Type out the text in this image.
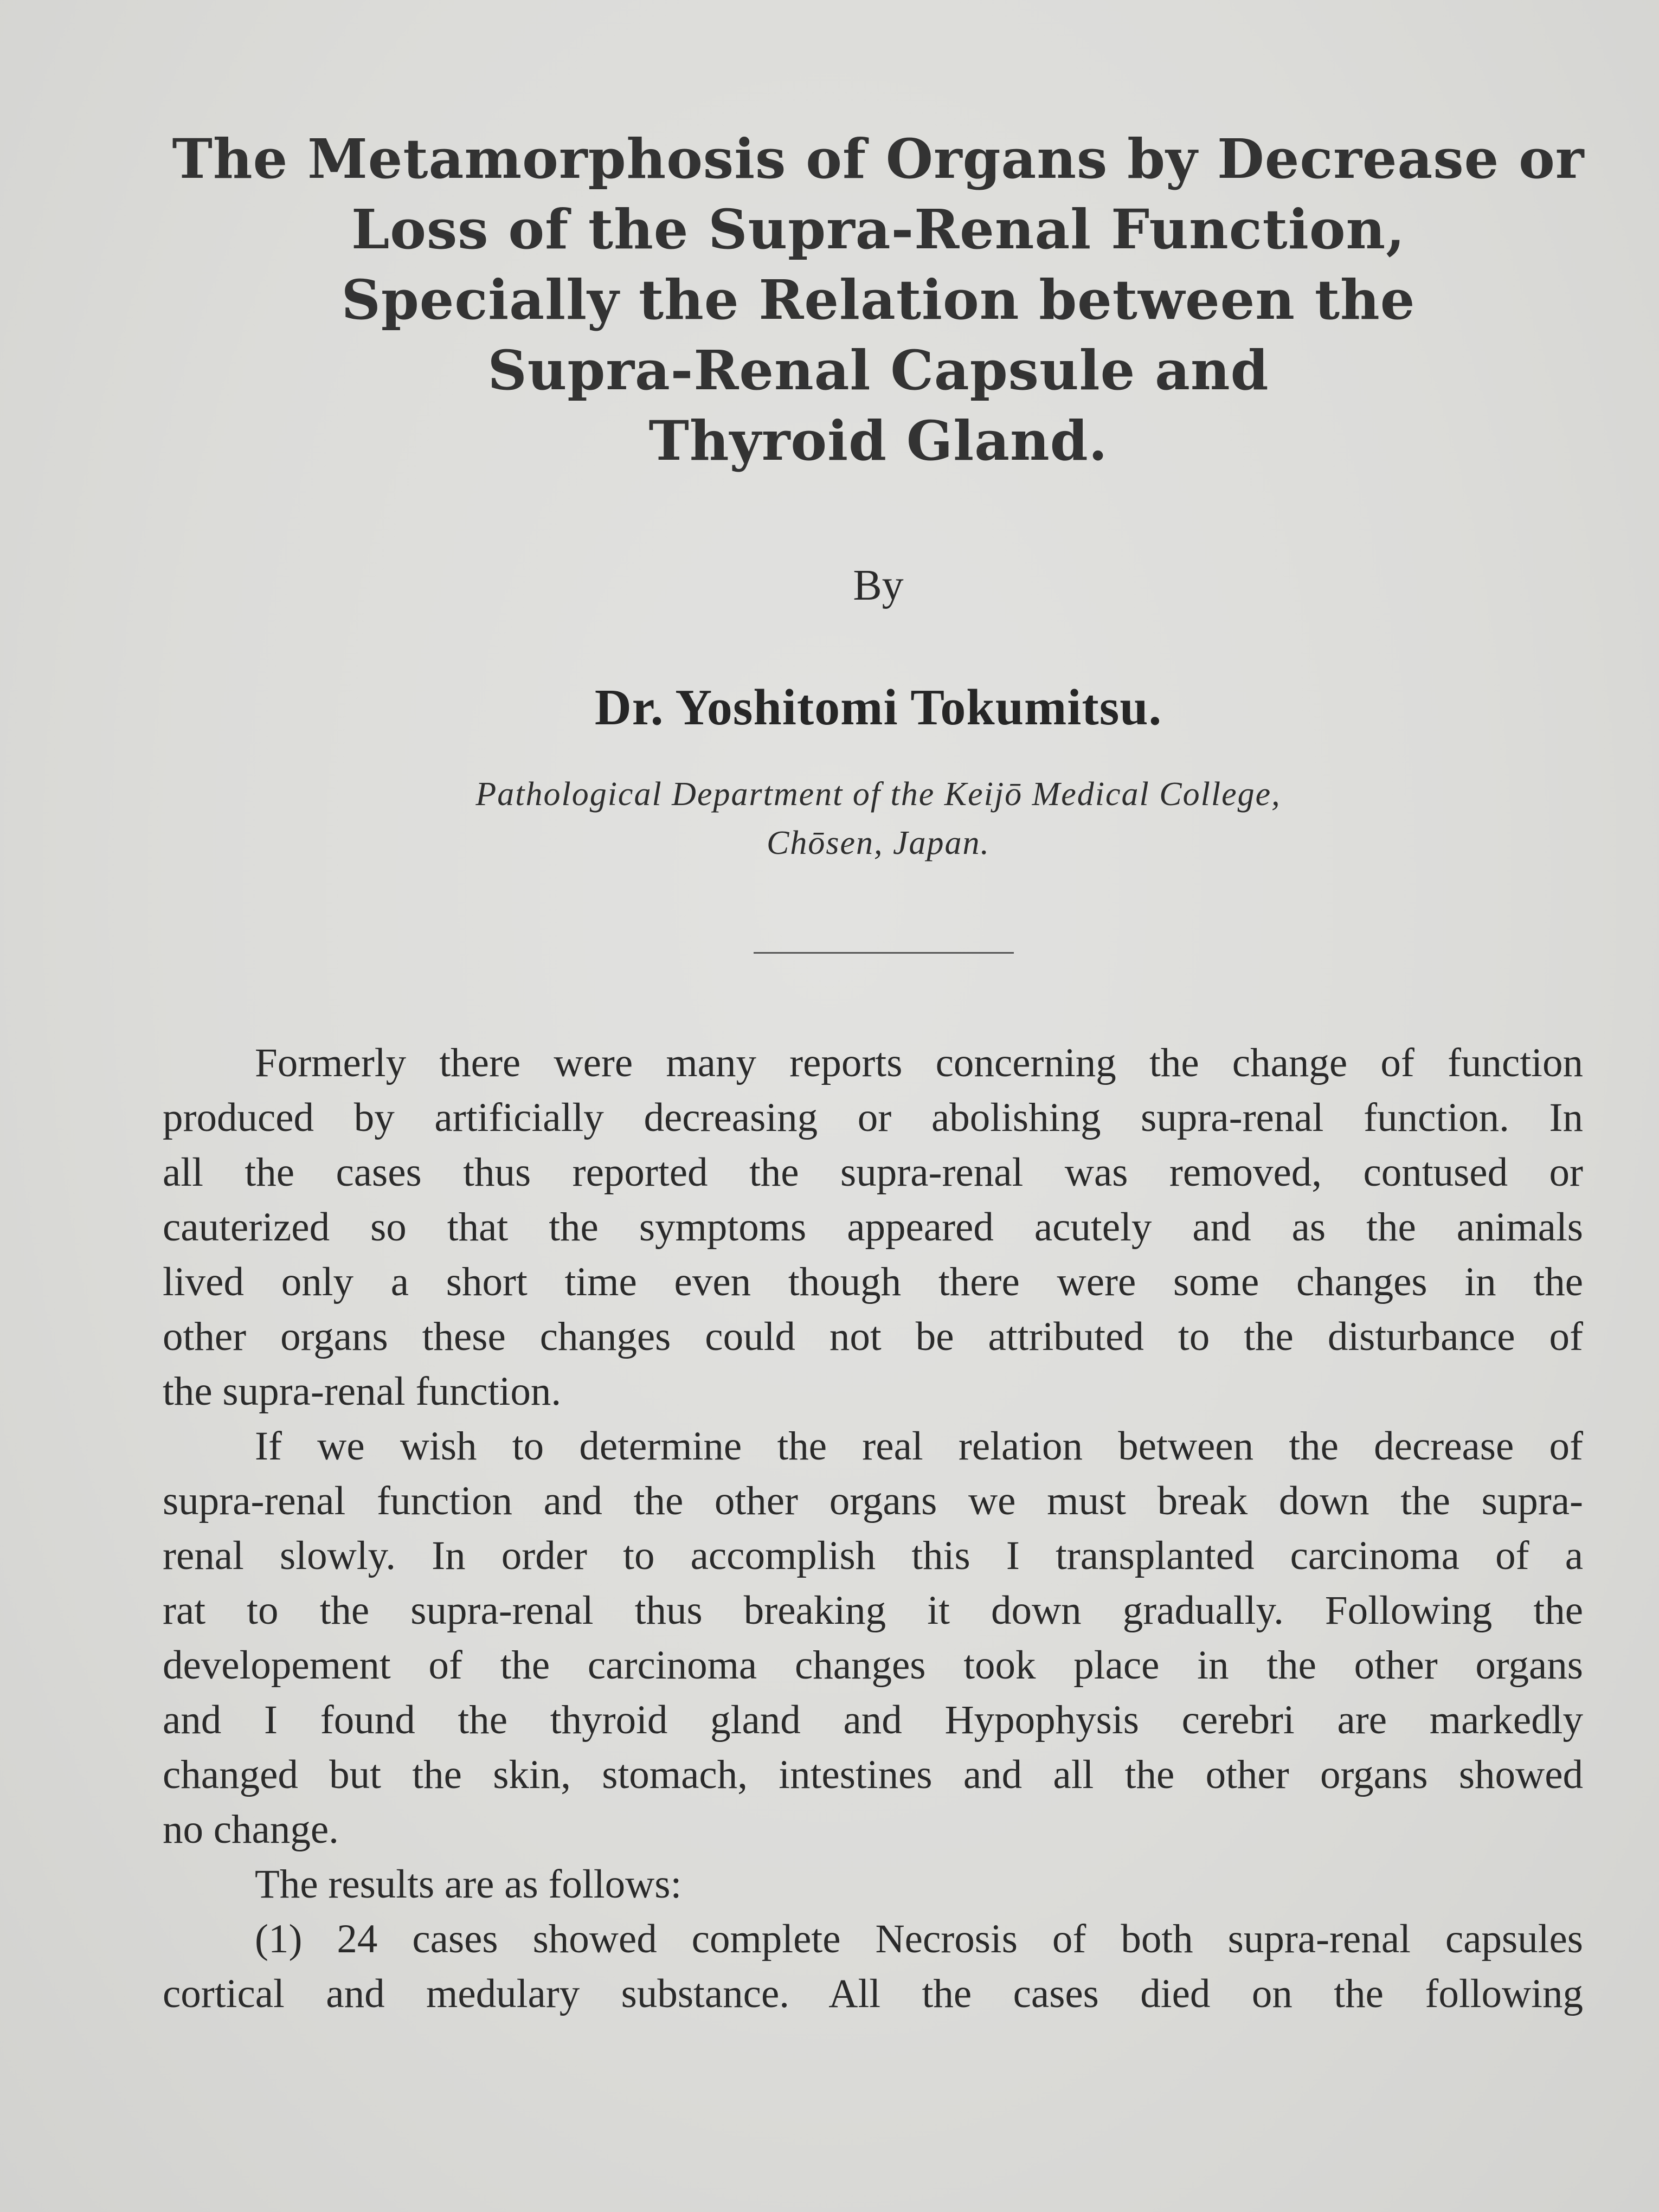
The Metamorphosis of Organs by Decrease or
Loss of the Supra-Renal Function,
Specially the Relation between the
Supra-Renal Capsule and
Thyroid Gland.
By
Dr. Yoshitomi Tokumitsu.
Pathological Department of the Keijō Medical College,
Chōsen, Japan.
Formerly there were many reports concerning the change of function
produced by artificially decreasing or abolishing supra-renal function. In
all the cases thus reported the supra-renal was removed, contused or
cauterized so that the symptoms appeared acutely and as the animals
lived only a short time even though there were some changes in the
other organs these changes could not be attributed to the disturbance of
the supra-renal function.
If we wish to determine the real relation between the decrease of
supra-renal function and the other organs we must break down the supra-
renal slowly. In order to accomplish this I transplanted carcinoma of a
rat to the supra-renal thus breaking it down gradually. Following the
developement of the carcinoma changes took place in the other organs
and I found the thyroid gland and Hypophysis cerebri are markedly
changed but the skin, stomach, intestines and all the other organs showed
no change.
The results are as follows:
(1) 24 cases showed complete Necrosis of both supra-renal capsules
cortical and medulary substance. All the cases died on the following
